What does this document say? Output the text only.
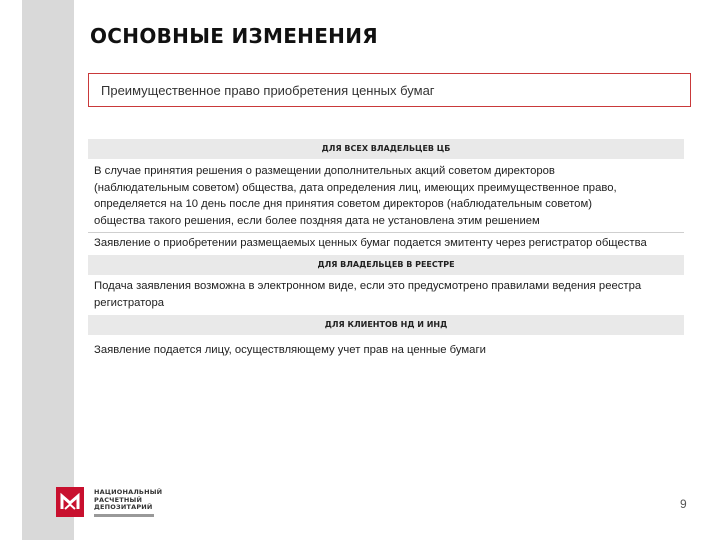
ОСНОВНЫЕ ИЗМЕНЕНИЯ
Преимущественное право приобретения ценных бумаг
ДЛЯ ВСЕХ ВЛАДЕЛЬЦЕВ ЦБ
В случае принятия решения о размещении дополнительных акций советом директоров
(наблюдательным советом) общества, дата определения лиц, имеющих преимущественное право,
определяется на 10 день после дня принятия советом директоров (наблюдательным советом)
общества такого решения, если более поздняя дата не установлена этим решением
Заявление о приобретении размещаемых ценных бумаг подается эмитенту через регистратор общества
ДЛЯ ВЛАДЕЛЬЦЕВ В РЕЕСТРЕ
Подача заявления возможна в электронном виде, если это предусмотрено правилами ведения реестра
регистратора
ДЛЯ КЛИЕНТОВ НД И ИНД
Заявление подается лицу, осуществляющему учет прав на ценные бумаги
НАЦИОНАЛЬНЫЙ
РАСЧЕТНЫЙ
ДЕПОЗИТАРИЙ	9
